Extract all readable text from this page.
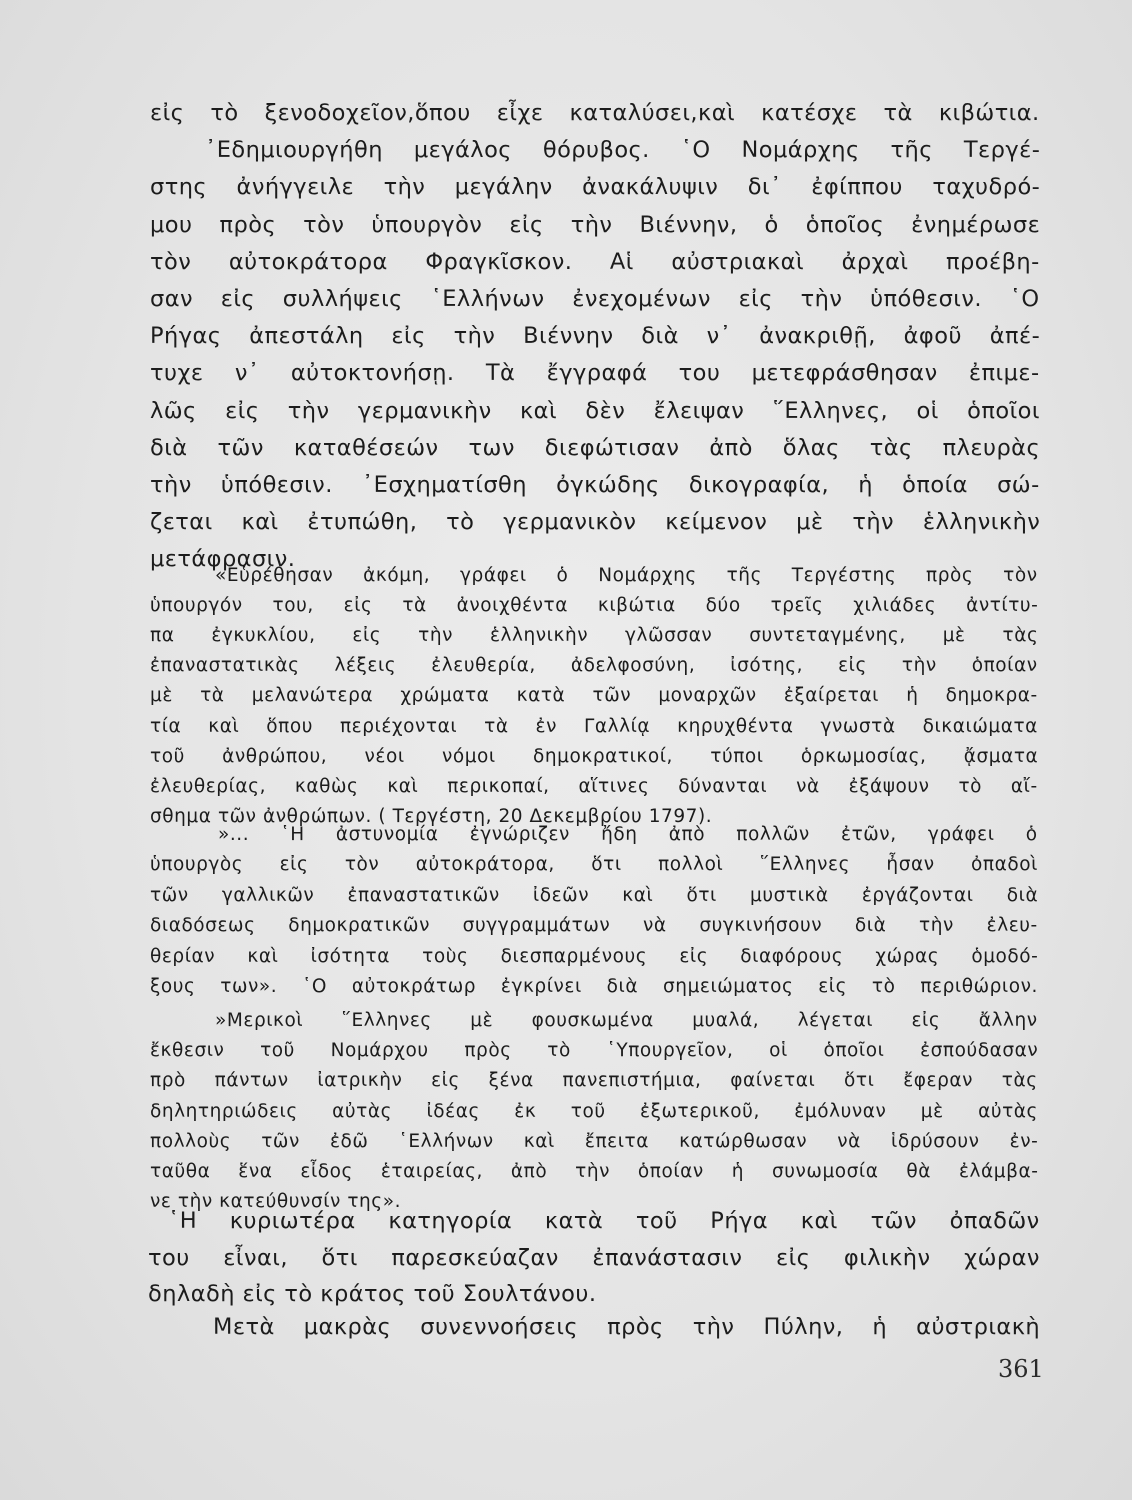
εἰς τὸ ξενοδοχεῖον,ὅπου εἶχε καταλύσει,καὶ κατέσχε τὰ κιβώτια.
᾿Εδημιουργήθη μεγάλος θόρυβος. ῾Ο Νομάρχης τῆς Τεργέ-
στης ἀνήγγειλε τὴν μεγάλην ἀνακάλυψιν δι᾿ ἐφίππου ταχυδρό-
μου πρὸς τὸν ὑπουργὸν εἰς τὴν Βιέννην, ὁ ὁποῖος ἐνημέρωσε
τὸν αὐτοκράτορα Φραγκῖσκον. Αἱ αὐστριακαὶ ἀρχαὶ προέβη-
σαν εἰς συλλήψεις ῾Ελλήνων ἐνεχομένων εἰς τὴν ὑπόθεσιν. ῾Ο
Ρήγας ἀπεστάλη εἰς τὴν Βιέννην διὰ ν᾿ ἀνακριθῇ, ἀφοῦ ἀπέ-
τυχε ν᾿ αὐτοκτονήσῃ. Τὰ ἔγγραφά του μετεφράσθησαν ἐπιμε-
λῶς εἰς τὴν γερμανικὴν καὶ δὲν ἔλειψαν ῞Ελληνες, οἱ ὁποῖοι
διὰ τῶν καταθέσεών των διεφώτισαν ἀπὸ ὅλας τὰς πλευρὰς
τὴν ὑπόθεσιν. ᾿Εσχηματίσθη ὀγκώδης δικογραφία, ἡ ὁποία σώ-
ζεται καὶ ἐτυπώθη, τὸ γερμανικὸν κείμενον μὲ τὴν ἑλληνικὴν
μετάφρασιν.
«Εὑρέθησαν ἀκόμη, γράφει ὁ Νομάρχης τῆς Τεργέστης πρὸς τὸν
ὑπουργόν του, εἰς τὰ ἀνοιχθέντα κιβώτια δύο τρεῖς χιλιάδες ἀντίτυ-
πα ἐγκυκλίου, εἰς τὴν ἑλληνικὴν γλῶσσαν συντεταγμένης, μὲ τὰς
ἐπαναστατικὰς λέξεις ἐλευθερία, ἀδελφοσύνη, ἰσότης, εἰς τὴν ὁποίαν
μὲ τὰ μελανώτερα χρώματα κατὰ τῶν μοναρχῶν ἐξαίρεται ἡ δημοκρα-
τία καὶ ὅπου περιέχονται τὰ ἐν Γαλλίᾳ κηρυχθέντα γνωστὰ δικαιώματα
τοῦ ἀνθρώπου, νέοι νόμοι δημοκρατικοί, τύποι ὁρκωμοσίας, ᾄσματα
ἐλευθερίας, καθὼς καὶ περικοπαί, αἵτινες δύνανται νὰ ἐξάψουν τὸ αἴ-
σθημα τῶν ἀνθρώπων. ( Τεργέστη, 20 Δεκεμβρίου 1797).
»... ῾Η ἀστυνομία ἐγνώριζεν ἤδη ἀπὸ πολλῶν ἐτῶν, γράφει ὁ
ὑπουργὸς εἰς τὸν αὐτοκράτορα, ὅτι πολλοὶ ῞Ελληνες ἦσαν ὀπαδοὶ
τῶν γαλλικῶν ἐπαναστατικῶν ἰδεῶν καὶ ὅτι μυστικὰ ἐργάζονται διὰ
διαδόσεως δημοκρατικῶν συγγραμμάτων νὰ συγκινήσουν διὰ τὴν ἐλευ-
θερίαν καὶ ἰσότητα τοὺς διεσπαρμένους εἰς διαφόρους χώρας ὁμοδό-
ξους των». ῾Ο αὐτοκράτωρ ἐγκρίνει διὰ σημειώματος εἰς τὸ περιθώριον.
»Μερικοὶ ῞Ελληνες μὲ φουσκωμένα μυαλά, λέγεται εἰς ἄλλην
ἔκθεσιν τοῦ Νομάρχου πρὸς τὸ ῾Υπουργεῖον, οἱ ὁποῖοι ἐσπούδασαν
πρὸ πάντων ἰατρικὴν εἰς ξένα πανεπιστήμια, φαίνεται ὅτι ἔφεραν τὰς
δηλητηριώδεις αὐτὰς ἰδέας ἐκ τοῦ ἐξωτερικοῦ, ἐμόλυναν μὲ αὐτὰς
πολλοὺς τῶν ἐδῶ ῾Ελλήνων καὶ ἔπειτα κατώρθωσαν νὰ ἱδρύσουν ἐν-
ταῦθα ἕνα εἶδος ἑταιρείας, ἀπὸ τὴν ὁποίαν ἡ συνωμοσία θὰ ἐλάμβα-
νε τὴν κατεύθυνσίν της».
῾Η κυριωτέρα κατηγορία κατὰ τοῦ Ρήγα καὶ τῶν ὀπαδῶν
του εἶναι, ὅτι παρεσκεύαζαν ἐπανάστασιν εἰς φιλικὴν χώραν
δηλαδὴ εἰς τὸ κράτος τοῦ Σουλτάνου.
Μετὰ μακρὰς συνεννοήσεις πρὸς τὴν Πύλην, ἡ αὐστριακὴ
361
